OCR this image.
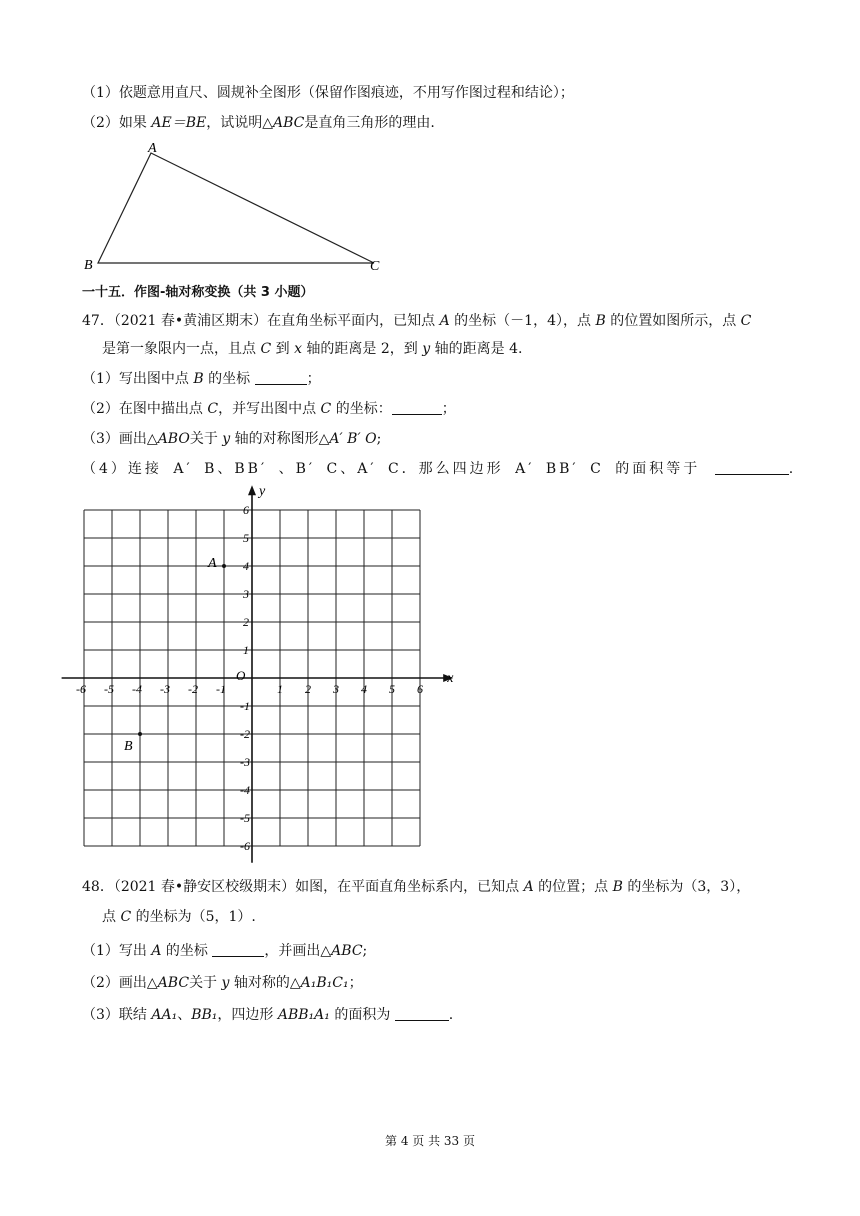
（1）依题意用直尺、圆规补全图形（保留作图痕迹，不用写作图过程和结论）；
（2）如果 AE＝BE，试说明△ABC是直角三角形的理由.
A
B	C
一十五．作图-轴对称变换（共 3 小题）
47．（2021 春•黄浦区期末）在直角坐标平面内，已知点 A 的坐标（－1，4），点 B 的位置如图所示，点 C
是第一象限内一点，且点 C 到 x 轴的距离是 2，到 y 轴的距离是 4.
（1）写出图中点 B 的坐标	；
（2）在图中描出点 C，并写出图中点 C 的坐标：	；
（3）画出△ABO关于 y 轴的对称图形△A′ B′ O;
（4）连接 A′ B、BB′ 、B′ C、A′ C．那么四边形 A′ BB′ C 的面积等于	.
x
y
O
-6 -5 -4 -3 -2 -1	1 2 3 4 5 6
6
5
4
3
2
1
-1
-2
-3
-4
-5
-6
A
B
48．（2021 春•静安区校级期末）如图，在平面直角坐标系内，已知点 A 的位置；点 B 的坐标为（3，3），
点 C 的坐标为（5，1）.
（1）写出 A 的坐标	，并画出△ABC;
（2）画出△ABC关于 y 轴对称的△A₁B₁C₁；
（3）联结 AA₁、BB₁，四边形 ABB₁A₁ 的面积为	.
第 4 页 共 33 页
